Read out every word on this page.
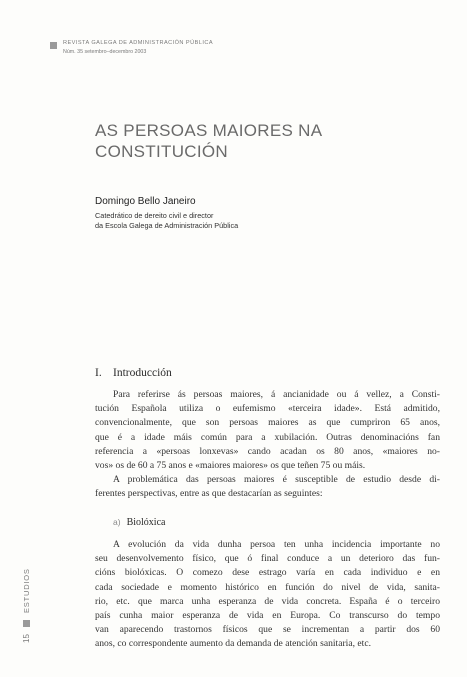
REVISTA GALEGA DE ADMINISTRACIÓN PÚBLICA
Núm. 35 setembro–decembro 2003
AS PERSOAS MAIORES NA
CONSTITUCIÓN
Domingo Bello Janeiro
Catedrático de dereito civil e director
da Escola Galega de Administración Pública
I. Introducción
Para referirse ás persoas maiores, á ancianidade ou á vellez, a Consti-
tución Española utiliza o eufemismo «terceira idade». Está admitido,
convencionalmente, que son persoas maiores as que cumpriron 65 anos,
que é a idade máis común para a xubilación. Outras denominacións fan
referencia a «persoas lonxevas» cando acadan os 80 anos, «maiores no-
vos» os de 60 a 75 anos e «maiores maiores» os que teñen 75 ou máis.
A problemática das persoas maiores é susceptible de estudio desde di-
ferentes perspectivas, entre as que destacarían as seguintes:
a) Biolóxica
A evolución da vida dunha persoa ten unha incidencia importante no
seu desenvolvemento físico, que ó final conduce a un deterioro das fun-
cións biolóxicas. O comezo dese estrago varía en cada individuo e en
cada sociedade e momento histórico en función do nivel de vida, sanita-
rio, etc. que marca unha esperanza de vida concreta. España é o terceiro
país cunha maior esperanza de vida en Europa. Co transcurso do tempo
van aparecendo trastornos físicos que se incrementan a partir dos 60
anos, co correspondente aumento da demanda de atención sanitaria, etc.
15
ESTUDIOS
